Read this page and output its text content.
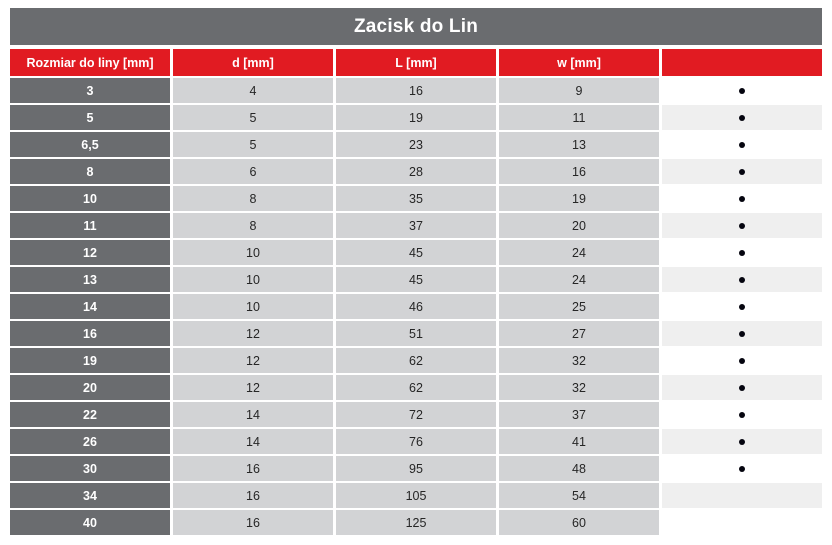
Zacisk do Lin
Rozmiar do liny [mm]	d [mm]	L [mm]	w [mm]
3	4	16	9
5	5	19	11
6,5	5	23	13
8	6	28	16
10	8	35	19
11	8	37	20
12	10	45	24
13	10	45	24
14	10	46	25
16	12	51	27
19	12	62	32
20	12	62	32
22	14	72	37
26	14	76	41
30	16	95	48
34	16	105	54
40	16	125	60
